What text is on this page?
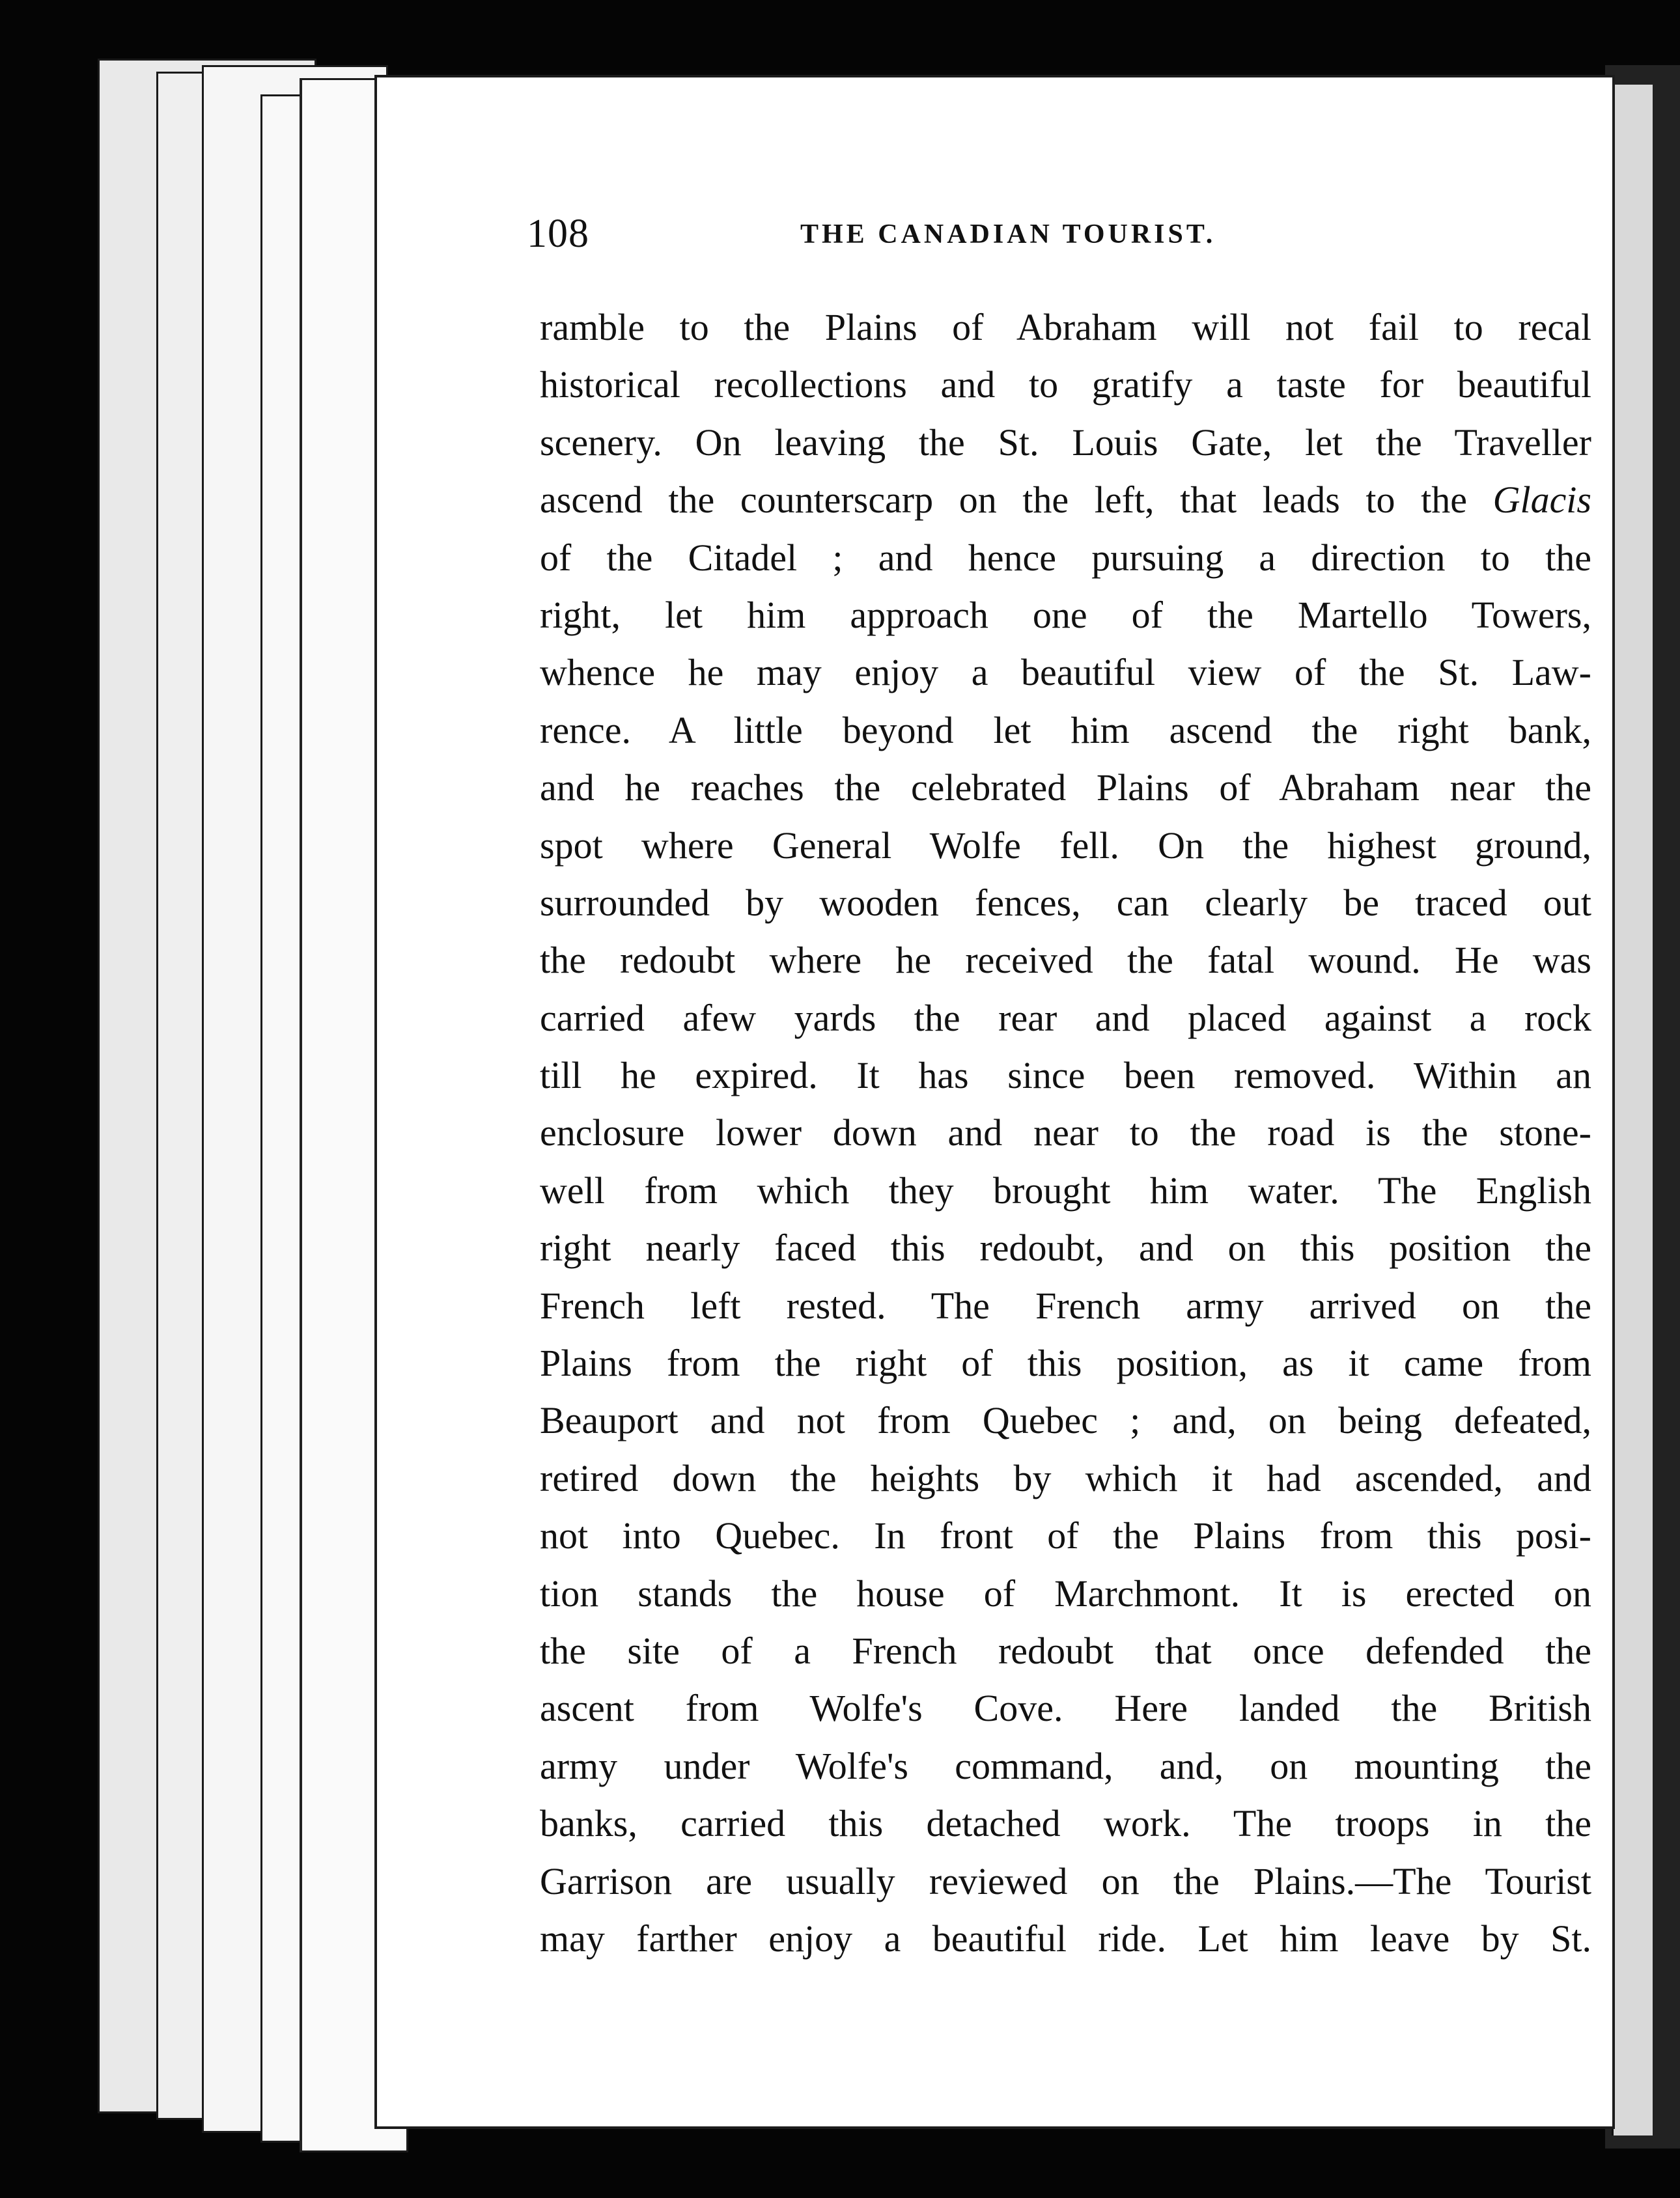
108	THE CANADIAN TOURIST.
ramble to the Plains of Abraham will not fail to recal
historical recollections and to gratify a taste for beautiful
scenery. On leaving the St. Louis Gate, let the Traveller
ascend the counterscarp on the left, that leads to the Glacis
of the Citadel ; and hence pursuing a direction to the
right, let him approach one of the Martello Towers,
whence he may enjoy a beautiful view of the St. Law-
rence. A little beyond let him ascend the right bank,
and he reaches the celebrated Plains of Abraham near the
spot where General Wolfe fell. On the highest ground,
surrounded by wooden fences, can clearly be traced out
the redoubt where he received the fatal wound. He was
carried afew yards the rear and placed against a rock
till he expired. It has since been removed. Within an
enclosure lower down and near to the road is the stone-
well from which they brought him water. The English
right nearly faced this redoubt, and on this position the
French left rested. The French army arrived on the
Plains from the right of this position, as it came from
Beauport and not from Quebec ; and, on being defeated,
retired down the heights by which it had ascended, and
not into Quebec. In front of the Plains from this posi-
tion stands the house of Marchmont. It is erected on
the site of a French redoubt that once defended the
ascent from Wolfe's Cove. Here landed the British
army under Wolfe's command, and, on mounting the
banks, carried this detached work. The troops in the
Garrison are usually reviewed on the Plains.—The Tourist
may farther enjoy a beautiful ride. Let him leave by St.
